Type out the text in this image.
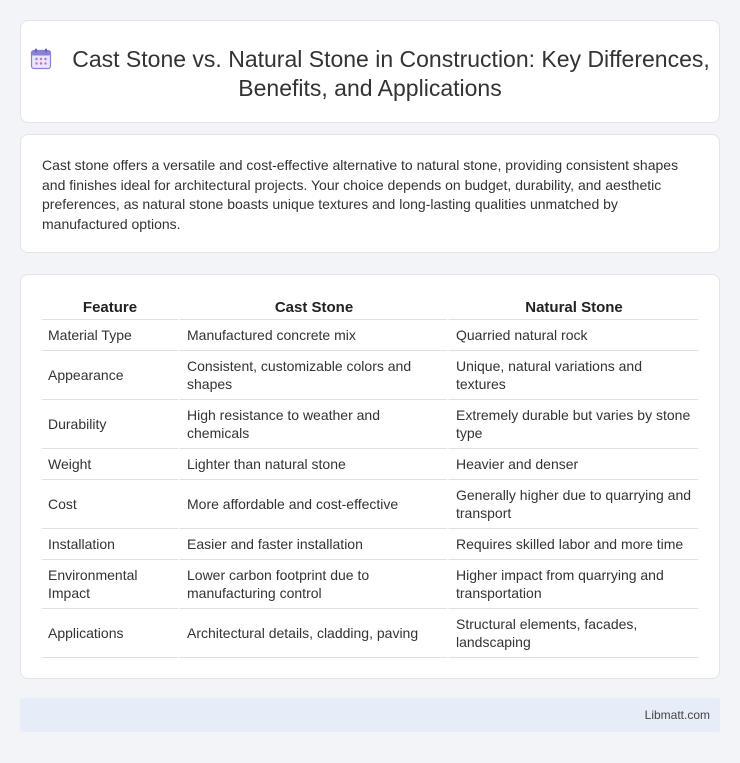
Cast Stone vs. Natural Stone in Construction: Key Differences, Benefits, and Applications

Cast stone offers a versatile and cost-effective alternative to natural stone, providing consistent shapes and finishes ideal for architectural projects. Your choice depends on budget, durability, and aesthetic preferences, as natural stone boasts unique textures and long-lasting qualities unmatched by manufactured options.

Feature	Cast Stone	Natural Stone
Material Type	Manufactured concrete mix	Quarried natural rock
Appearance	Consistent, customizable colors and shapes	Unique, natural variations and textures
Durability	High resistance to weather and chemicals	Extremely durable but varies by stone type
Weight	Lighter than natural stone	Heavier and denser
Cost	More affordable and cost-effective	Generally higher due to quarrying and transport
Installation	Easier and faster installation	Requires skilled labor and more time
Environmental Impact	Lower carbon footprint due to manufacturing control	Higher impact from quarrying and transportation
Applications	Architectural details, cladding, paving	Structural elements, facades, landscaping
Libmatt.com
